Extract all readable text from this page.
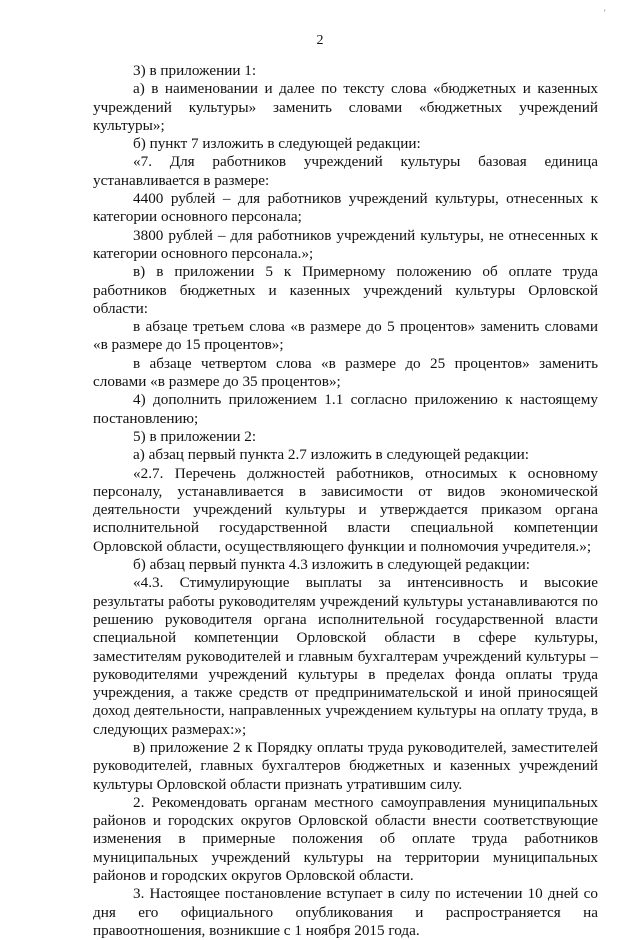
'
2

3) в приложении 1:

а) в наименовании и далее по тексту слова «бюджетных и казенных учреждений культуры» заменить словами «бюджетных учреждений культуры»;

б) пункт 7 изложить в следующей редакции:

«7. Для работников учреждений культуры базовая единица устанавливается в размере:

4400 рублей – для работников учреждений культуры, отнесенных к категории основного персонала;

3800 рублей – для работников учреждений культуры, не отнесенных к категории основного персонала.»;

в) в приложении 5 к Примерному положению об оплате труда работников бюджетных и казенных учреждений культуры Орловской области:

в абзаце третьем слова «в размере до 5 процентов» заменить словами «в размере до 15 процентов»;

в абзаце четвертом слова «в размере до 25 процентов» заменить словами «в размере до 35 процентов»;

4) дополнить приложением 1.1 согласно приложению к настоящему постановлению;

5) в приложении 2:

а) абзац первый пункта 2.7 изложить в следующей редакции:

«2.7. Перечень должностей работников, относимых к основному персоналу, устанавливается в зависимости от видов экономической деятельности учреждений культуры и утверждается приказом органа исполнительной государственной власти специальной компетенции Орловской области, осуществляющего функции и полномочия учредителя.»;

б) абзац первый пункта 4.3 изложить в следующей редакции:

«4.3. Стимулирующие выплаты за интенсивность и высокие результаты работы руководителям учреждений культуры устанавливаются по решению руководителя органа исполнительной государственной власти специальной компетенции Орловской области в сфере культуры, заместителям руководителей и главным бухгалтерам учреждений культуры – руководителями учреждений культуры в пределах фонда оплаты труда учреждения, а также средств от предпринимательской и иной приносящей доход деятельности, направленных учреждением культуры на оплату труда, в следующих размерах:»;

в) приложение 2 к Порядку оплаты труда руководителей, заместителей руководителей, главных бухгалтеров бюджетных и казенных учреждений культуры Орловской области признать утратившим силу.

2. Рекомендовать органам местного самоуправления муниципальных районов и городских округов Орловской области внести соответствующие изменения в примерные положения об оплате труда работников муниципальных учреждений культуры на территории муниципальных районов и городских округов Орловской области.

3. Настоящее постановление вступает в силу по истечении 10 дней со дня его официального опубликования и распространяется на правоотношения, возникшие с 1 ноября 2015 года.
